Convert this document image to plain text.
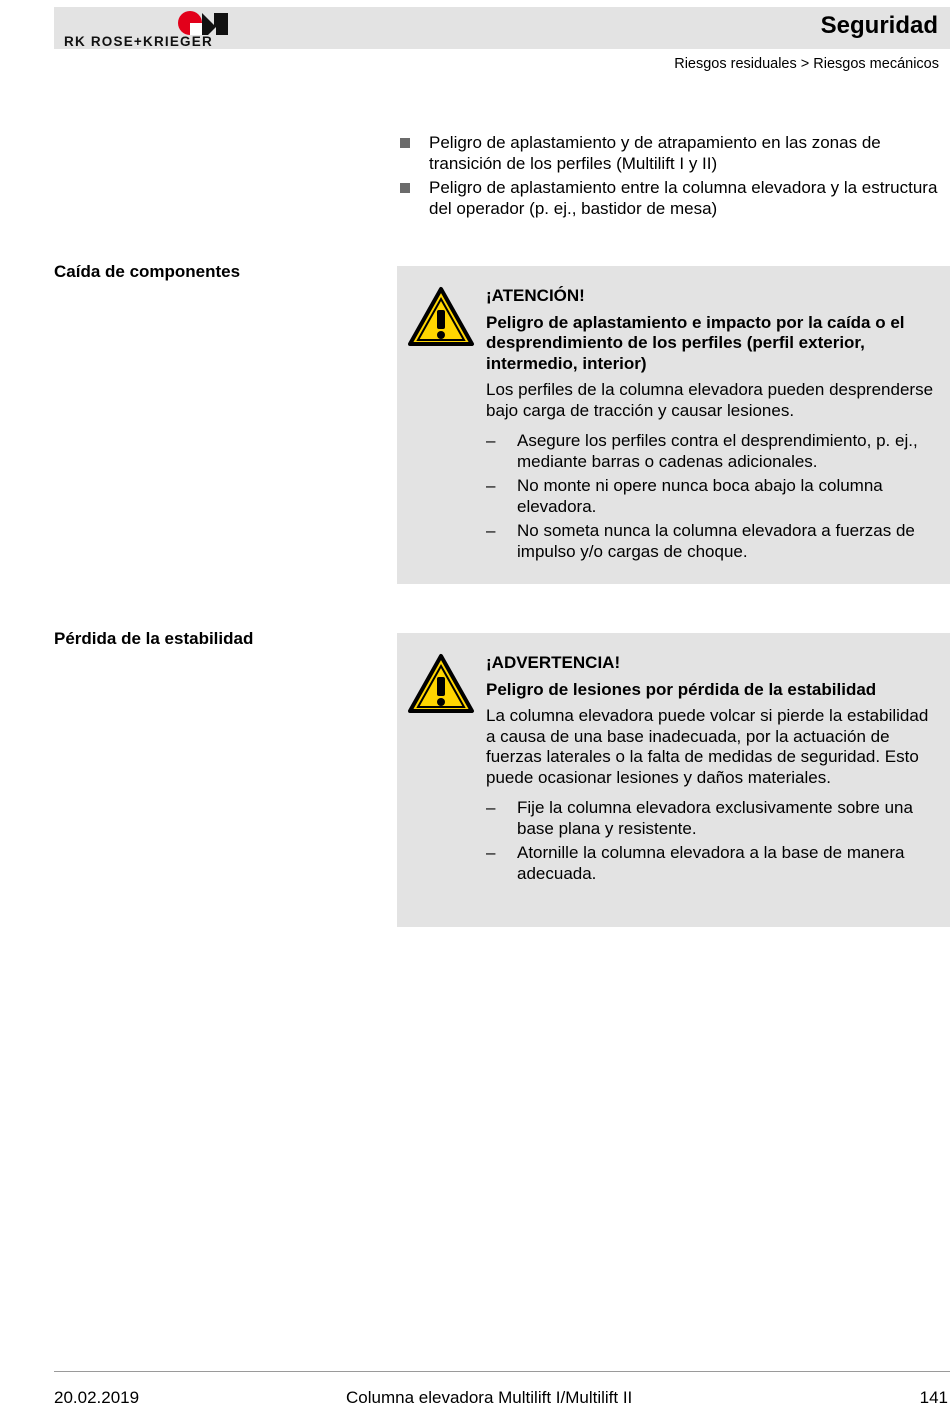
RK ROSE+KRIEGER
Seguridad
Riesgos residuales > Riesgos mecánicos
Peligro de aplastamiento y de atrapamiento en las zonas de transición de los perfiles (Multilift I y II)
Peligro de aplastamiento entre la columna elevadora y la estructura del operador (p. ej., bastidor de mesa)
Caída de componentes

¡ATENCIÓN!

Peligro de aplastamiento e impacto por la caída o el desprendimiento de los perfiles (perfil exterior, intermedio, interior)

Los perfiles de la columna elevadora pueden desprenderse bajo carga de tracción y causar lesiones.

– Asegure los perfiles contra el desprendimiento, p. ej., mediante barras o cadenas adicionales.
– No monte ni opere nunca boca abajo la columna elevadora.
– No someta nunca la columna elevadora a fuerzas de impulso y/o cargas de choque.
Pérdida de la estabilidad

¡ADVERTENCIA!

Peligro de lesiones por pérdida de la estabilidad

La columna elevadora puede volcar si pierde la estabilidad a causa de una base inadecuada, por la actuación de fuerzas laterales o la falta de medidas de seguridad. Esto puede ocasionar lesiones y daños materiales.

– Fije la columna elevadora exclusivamente sobre una base plana y resistente.
– Atornille la columna elevadora a la base de manera adecuada.
20.02.2019	Columna elevadora Multilift I/Multilift II	141
